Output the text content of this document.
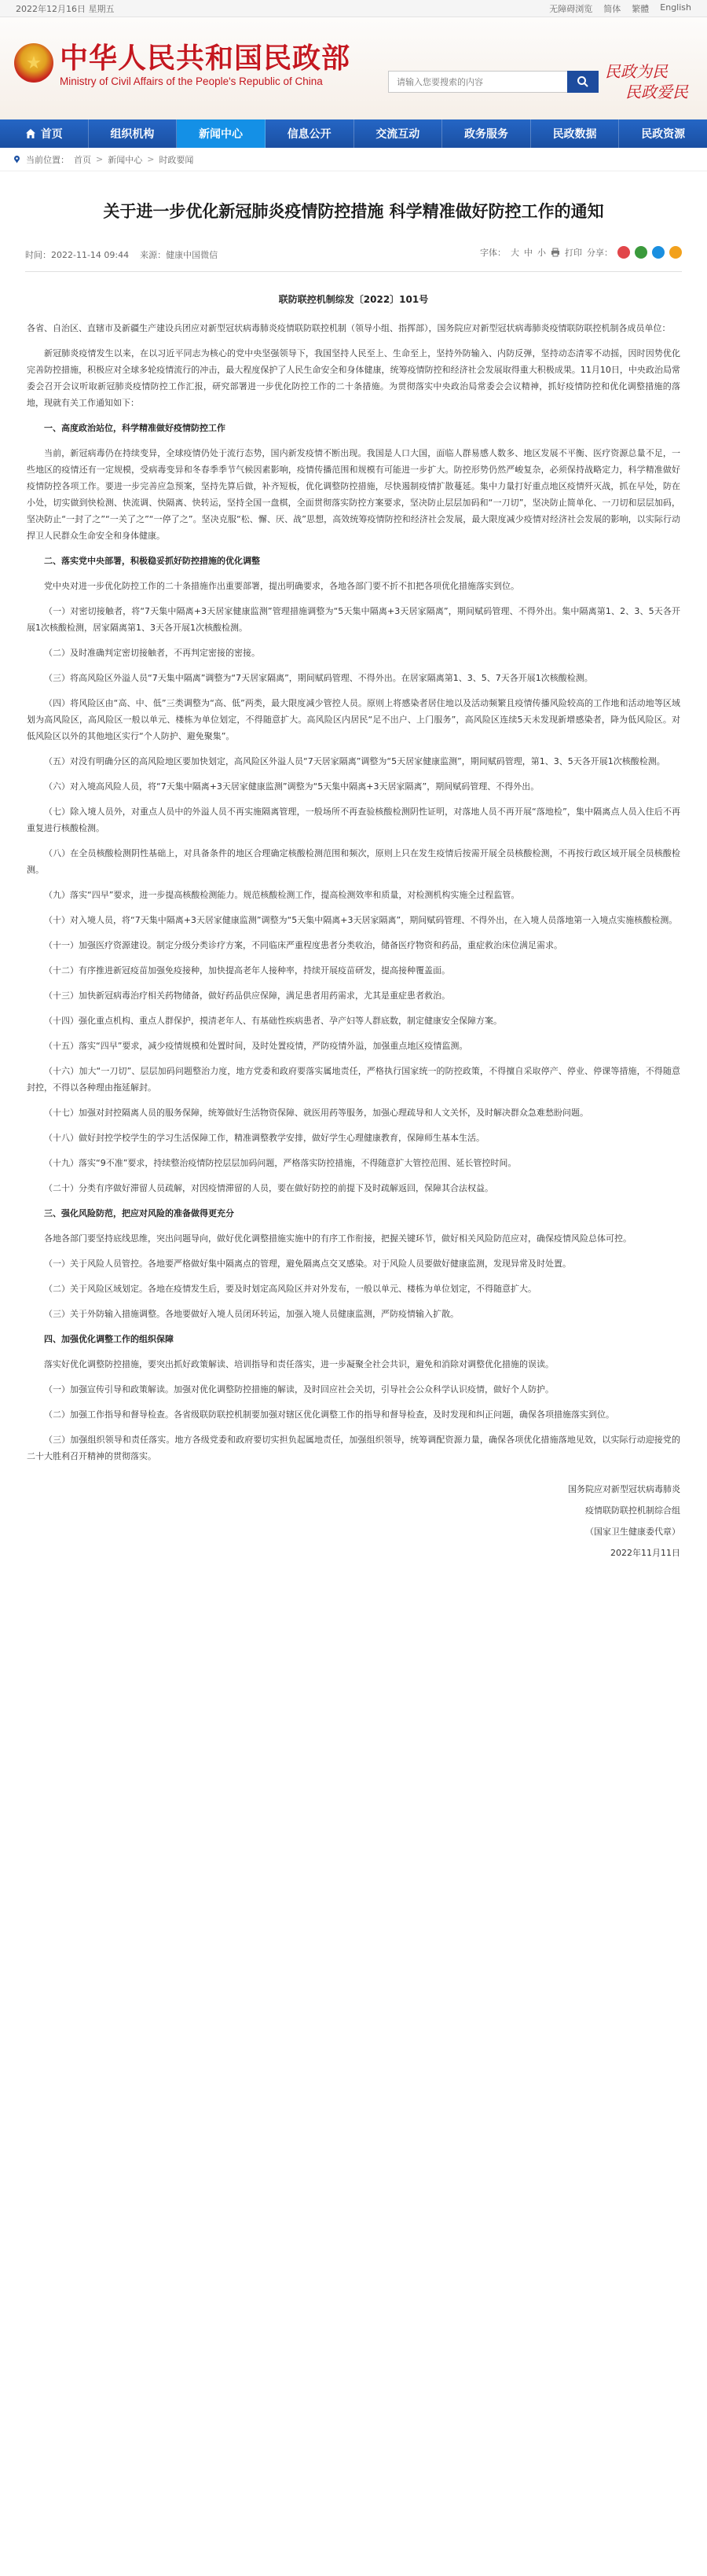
2022年12月16日 星期五	无障碍浏览 简体 繁體 English
★ 中华人民共和国民政部
Ministry of Civil Affairs of the People's Republic of China
请输入您要搜索的内容
民政为民
民政爱民
首页	组织机构	新闻中心	信息公开	交流互动	政务服务	民政数据	民政资源
当前位置： 首页 > 新闻中心 > 时政要闻
关于进一步优化新冠肺炎疫情防控措施 科学精准做好防控工作的通知
时间：2022-11-14 09:44 来源：健康中国微信	字体： 大 中 小 打印 分享：
联防联控机制综发〔2022〕101号

各省、自治区、直辖市及新疆生产建设兵团应对新型冠状病毒肺炎疫情联防联控机制（领导小组、指挥部），国务院应对新型冠状病毒肺炎疫情联防联控机制各成员单位：

新冠肺炎疫情发生以来，在以习近平同志为核心的党中央坚强领导下，我国坚持人民至上、生命至上，坚持外防输入、内防反弹，坚持动态清零不动摇，因时因势优化完善防控措施，积极应对全球多轮疫情流行的冲击，最大程度保护了人民生命安全和身体健康，统筹疫情防控和经济社会发展取得重大积极成果。11月10日，中央政治局常委会召开会议听取新冠肺炎疫情防控工作汇报，研究部署进一步优化防控工作的二十条措施。为贯彻落实中央政治局常委会会议精神，抓好疫情防控和优化调整措施的落地，现就有关工作通知如下：

一、高度政治站位，科学精准做好疫情防控工作

当前，新冠病毒仍在持续变异，全球疫情仍处于流行态势，国内新发疫情不断出现。我国是人口大国，面临人群易感人数多、地区发展不平衡、医疗资源总量不足，一些地区的疫情还有一定规模，受病毒变异和冬春季季节气候因素影响，疫情传播范围和规模有可能进一步扩大。防控形势仍然严峻复杂，必须保持战略定力，科学精准做好疫情防控各项工作。要进一步完善应急预案，坚持先算后做，补齐短板，优化调整防控措施，尽快遏制疫情扩散蔓延。集中力量打好重点地区疫情歼灭战，抓在早处，防在小处，切实做到快检测、快流调、快隔离、快转运，坚持全国一盘棋，全面贯彻落实防控方案要求，坚决防止层层加码和“一刀切”，坚决防止简单化、一刀切和层层加码，坚决防止“一封了之”“一关了之”“一停了之”。坚决克服“松、懈、厌、战”思想，高效统筹疫情防控和经济社会发展，最大限度减少疫情对经济社会发展的影响，以实际行动捍卫人民群众生命安全和身体健康。

二、落实党中央部署，积极稳妥抓好防控措施的优化调整

党中央对进一步优化防控工作的二十条措施作出重要部署，提出明确要求，各地各部门要不折不扣把各项优化措施落实到位。

（一）对密切接触者，将“7天集中隔离+3天居家健康监测”管理措施调整为“5天集中隔离+3天居家隔离”，期间赋码管理、不得外出。集中隔离第1、2、3、5天各开展1次核酸检测，居家隔离第1、3天各开展1次核酸检测。

（二）及时准确判定密切接触者，不再判定密接的密接。

（三）将高风险区外溢人员“7天集中隔离”调整为“7天居家隔离”，期间赋码管理、不得外出。在居家隔离第1、3、5、7天各开展1次核酸检测。

（四）将风险区由“高、中、低”三类调整为“高、低”两类，最大限度减少管控人员。原则上将感染者居住地以及活动频繁且疫情传播风险较高的工作地和活动地等区域划为高风险区，高风险区一般以单元、楼栋为单位划定，不得随意扩大。高风险区内居民“足不出户、上门服务”，高风险区连续5天未发现新增感染者，降为低风险区。对低风险区以外的其他地区实行“个人防护、避免聚集”。

（五）对没有明确分区的高风险地区要加快划定，高风险区外溢人员“7天居家隔离”调整为“5天居家健康监测”，期间赋码管理，第1、3、5天各开展1次核酸检测。

（六）对入境高风险人员，将“7天集中隔离+3天居家健康监测”调整为“5天集中隔离+3天居家隔离”，期间赋码管理、不得外出。

（七）除入境人员外，对重点人员中的外溢人员不再实施隔离管理，一般场所不再查验核酸检测阴性证明，对落地人员不再开展“落地检”，集中隔离点人员入住后不再重复进行核酸检测。

（八）在全员核酸检测阴性基础上，对具备条件的地区合理确定核酸检测范围和频次，原则上只在发生疫情后按需开展全员核酸检测，不再按行政区域开展全员核酸检测。

（九）落实“四早”要求，进一步提高核酸检测能力。规范核酸检测工作，提高检测效率和质量，对检测机构实施全过程监管。

（十）对入境人员，将“7天集中隔离+3天居家健康监测”调整为“5天集中隔离+3天居家隔离”，期间赋码管理、不得外出，在入境人员落地第一入境点实施核酸检测。

（十一）加强医疗资源建设。制定分级分类诊疗方案，不同临床严重程度患者分类收治，储备医疗物资和药品，重症救治床位满足需求。

（十二）有序推进新冠疫苗加强免疫接种，加快提高老年人接种率，持续开展疫苗研发，提高接种覆盖面。

（十三）加快新冠病毒治疗相关药物储备，做好药品供应保障，满足患者用药需求，尤其是重症患者救治。

（十四）强化重点机构、重点人群保护，摸清老年人、有基础性疾病患者、孕产妇等人群底数，制定健康安全保障方案。

（十五）落实“四早”要求，减少疫情规模和处置时间，及时处置疫情，严防疫情外溢，加强重点地区疫情监测。

（十六）加大“一刀切”、层层加码问题整治力度，地方党委和政府要落实属地责任，严格执行国家统一的防控政策，不得擅自采取停产、停业、停课等措施，不得随意封控，不得以各种理由拖延解封。

（十七）加强对封控隔离人员的服务保障，统筹做好生活物资保障、就医用药等服务，加强心理疏导和人文关怀，及时解决群众急难愁盼问题。

（十八）做好封控学校学生的学习生活保障工作，精准调整教学安排，做好学生心理健康教育，保障师生基本生活。

（十九）落实“9不准”要求，持续整治疫情防控层层加码问题，严格落实防控措施，不得随意扩大管控范围、延长管控时间。

（二十）分类有序做好滞留人员疏解，对因疫情滞留的人员，要在做好防控的前提下及时疏解返回，保障其合法权益。

三、强化风险防范，把应对风险的准备做得更充分

各地各部门要坚持底线思维，突出问题导向，做好优化调整措施实施中的有序工作衔接，把握关键环节，做好相关风险防范应对，确保疫情风险总体可控。

（一）关于风险人员管控。各地要严格做好集中隔离点的管理，避免隔离点交叉感染。对于风险人员要做好健康监测，发现异常及时处置。

（二）关于风险区域划定。各地在疫情发生后，要及时划定高风险区并对外发布，一般以单元、楼栋为单位划定，不得随意扩大。

（三）关于外防输入措施调整。各地要做好入境人员闭环转运，加强入境人员健康监测，严防疫情输入扩散。

四、加强优化调整工作的组织保障

落实好优化调整防控措施，要突出抓好政策解读、培训指导和责任落实，进一步凝聚全社会共识，避免和消除对调整优化措施的误读。

（一）加强宣传引导和政策解读。加强对优化调整防控措施的解读，及时回应社会关切，引导社会公众科学认识疫情，做好个人防护。

（二）加强工作指导和督导检查。各省级联防联控机制要加强对辖区优化调整工作的指导和督导检查，及时发现和纠正问题，确保各项措施落实到位。

（三）加强组织领导和责任落实。地方各级党委和政府要切实担负起属地责任，加强组织领导，统筹调配资源力量，确保各项优化措施落地见效，以实际行动迎接党的二十大胜利召开精神的贯彻落实。

国务院应对新型冠状病毒肺炎
疫情联防联控机制综合组
（国家卫生健康委代章）
2022年11月11日
